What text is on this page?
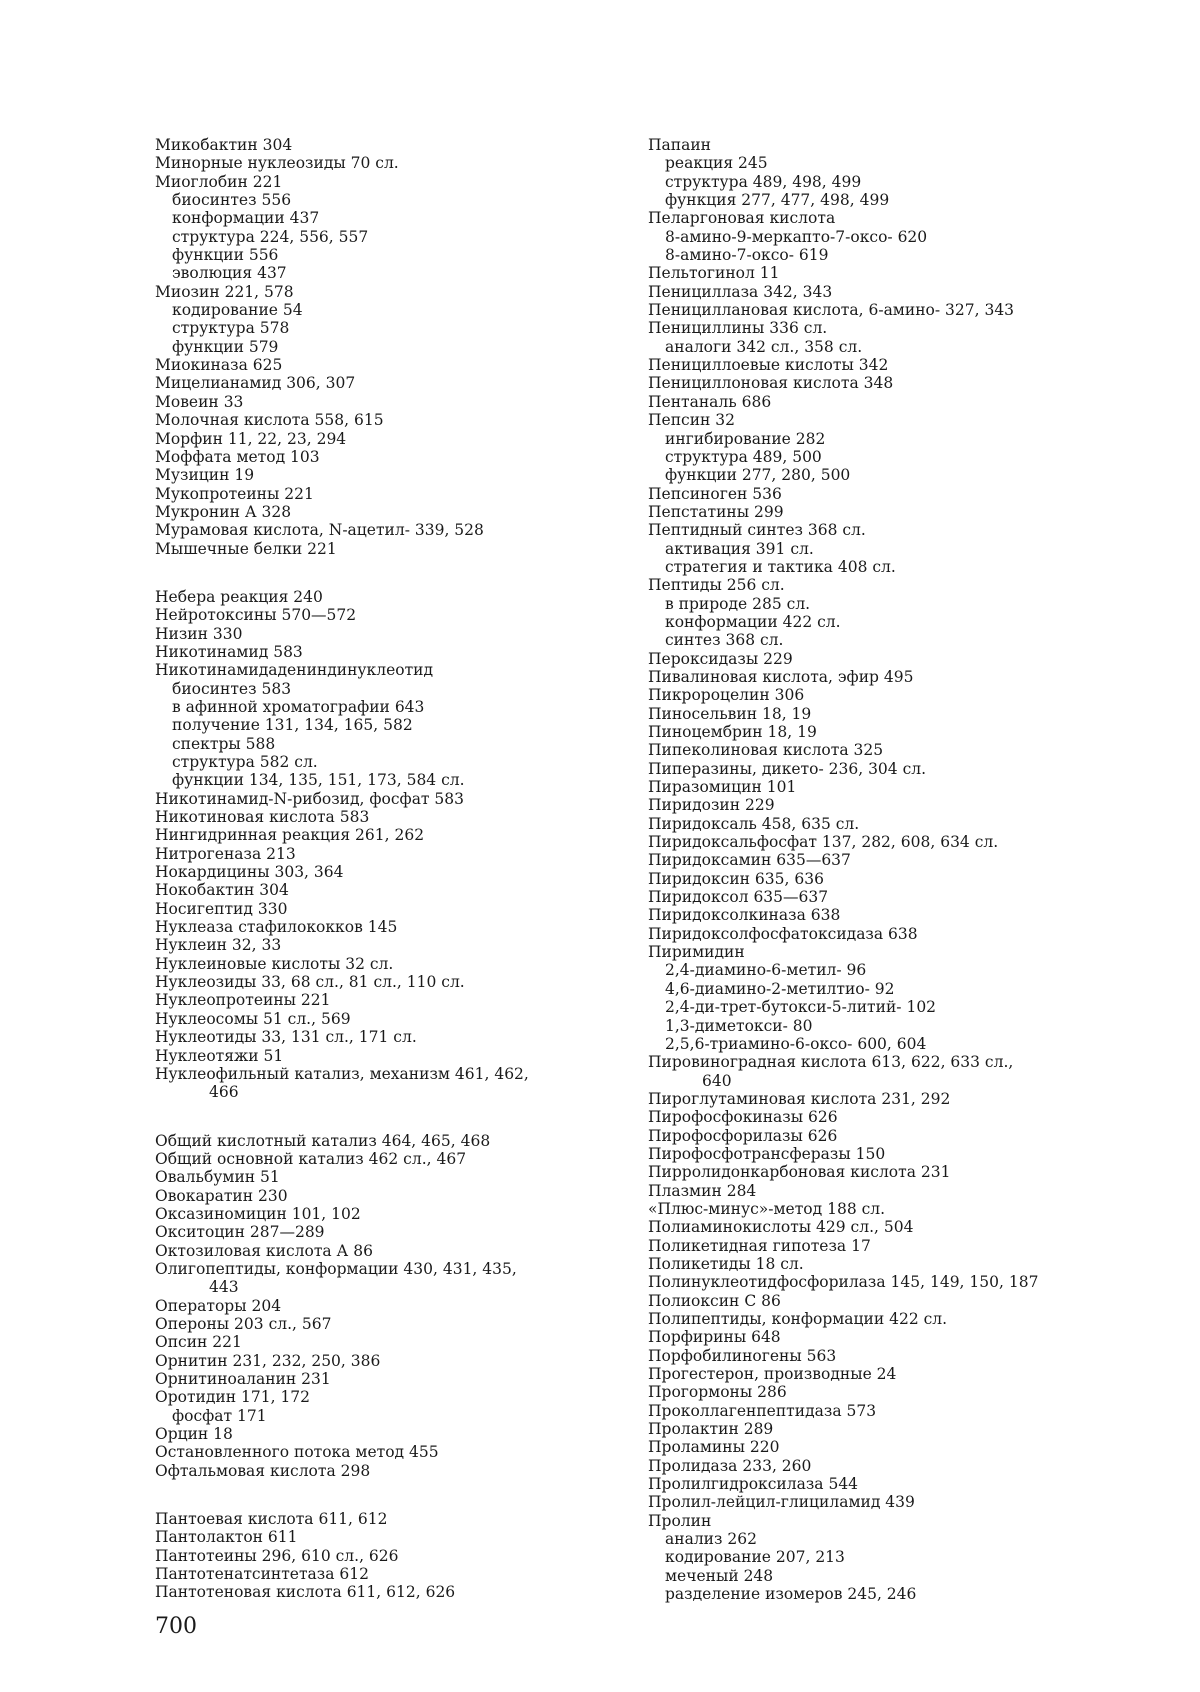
Микобактин 304
Минорные нуклеозиды 70 сл.
Миоглобин 221
биосинтез 556
конформации 437
структура 224, 556, 557
функции 556
эволюция 437
Миозин 221, 578
кодирование 54
структура 578
функции 579
Миокиназа 625
Мицелианамид 306, 307
Мовеин 33
Молочная кислота 558, 615
Морфин 11, 22, 23, 294
Моффата метод 103
Музицин 19
Мукопротеины 221
Мукронин А 328
Мурамовая кислота, N-ацетил- 339, 528
Мышечные белки 221
Небера реакция 240
Нейротоксины 570—572
Низин 330
Никотинамид 583
Никотинамидадениндинуклеотид
биосинтез 583
в афинной хроматографии 643
получение 131, 134, 165, 582
спектры 588
структура 582 сл.
функции 134, 135, 151, 173, 584 сл.
Никотинамид-N-рибозид, фосфат 583
Никотиновая кислота 583
Нингидринная реакция 261, 262
Нитрогеназа 213
Нокардицины 303, 364
Нокобактин 304
Носигептид 330
Нуклеаза стафилококков 145
Нуклеин 32, 33
Нуклеиновые кислоты 32 сл.
Нуклеозиды 33, 68 сл., 81 сл., 110 сл.
Нуклеопротеины 221
Нуклеосомы 51 сл., 569
Нуклеотиды 33, 131 сл., 171 сл.
Нуклеотяжи 51
Нуклеофильный катализ, механизм 461, 462,
466
Общий кислотный катализ 464, 465, 468
Общий основной катализ 462 сл., 467
Овальбумин 51
Овокаратин 230
Оксазиномицин 101, 102
Окситоцин 287—289
Октозиловая кислота А 86
Олигопептиды, конформации 430, 431, 435,
443
Операторы 204
Опероны 203 сл., 567
Опсин 221
Орнитин 231, 232, 250, 386
Орнитиноаланин 231
Оротидин 171, 172
фосфат 171
Орцин 18
Остановленного потока метод 455
Офтальмовая кислота 298
Пантоевая кислота 611, 612
Пантолактон 611
Пантотеины 296, 610 сл., 626
Пантотенатсинтетаза 612
Пантотеновая кислота 611, 612, 626
Папаин
реакция 245
структура 489, 498, 499
функция 277, 477, 498, 499
Пеларгоновая кислота
8-амино-9-меркапто-7-оксо- 620
8-амино-7-оксо- 619
Пельтогинол 11
Пенициллаза 342, 343
Пенициллановая кислота, 6-амино- 327, 343
Пенициллины 336 сл.
аналоги 342 сл., 358 сл.
Пенициллоевые кислоты 342
Пенициллоновая кислота 348
Пентаналь 686
Пепсин 32
ингибирование 282
структура 489, 500
функции 277, 280, 500
Пепсиноген 536
Пепстатины 299
Пептидный синтез 368 сл.
активация 391 сл.
стратегия и тактика 408 сл.
Пептиды 256 сл.
в природе 285 сл.
конформации 422 сл.
синтез 368 сл.
Пероксидазы 229
Пивалиновая кислота, эфир 495
Пикророцелин 306
Пиносельвин 18, 19
Пиноцембрин 18, 19
Пипеколиновая кислота 325
Пиперазины, дикето- 236, 304 сл.
Пиразомицин 101
Пиридозин 229
Пиридоксаль 458, 635 сл.
Пиридоксальфосфат 137, 282, 608, 634 сл.
Пиридоксамин 635—637
Пиридоксин 635, 636
Пиридоксол 635—637
Пиридоксолкиназа 638
Пиридоксолфосфатоксидаза 638
Пиримидин
2,4-диамино-6-метил- 96
4,6-диамино-2-метилтио- 92
2,4-ди-трет-бутокси-5-литий- 102
1,3-диметокси- 80
2,5,6-триамино-6-оксо- 600, 604
Пировиноградная кислота 613, 622, 633 сл.,
640
Пироглутаминовая кислота 231, 292
Пирофосфокиназы 626
Пирофосфорилазы 626
Пирофосфотрансферазы 150
Пирролидонкарбоновая кислота 231
Плазмин 284
«Плюс-минус»-метод 188 сл.
Полиаминокислоты 429 сл., 504
Поликетидная гипотеза 17
Поликетиды 18 сл.
Полинуклеотидфосфорилаза 145, 149, 150, 187
Полиоксин С 86
Полипептиды, конформации 422 сл.
Порфирины 648
Порфобилиногены 563
Прогестерон, производные 24
Прогормоны 286
Проколлагенпептидаза 573
Пролактин 289
Проламины 220
Пролидаза 233, 260
Пролилгидроксилаза 544
Пролил-лейцил-глициламид 439
Пролин
анализ 262
кодирование 207, 213
меченый 248
разделение изомеров 245, 246
700
